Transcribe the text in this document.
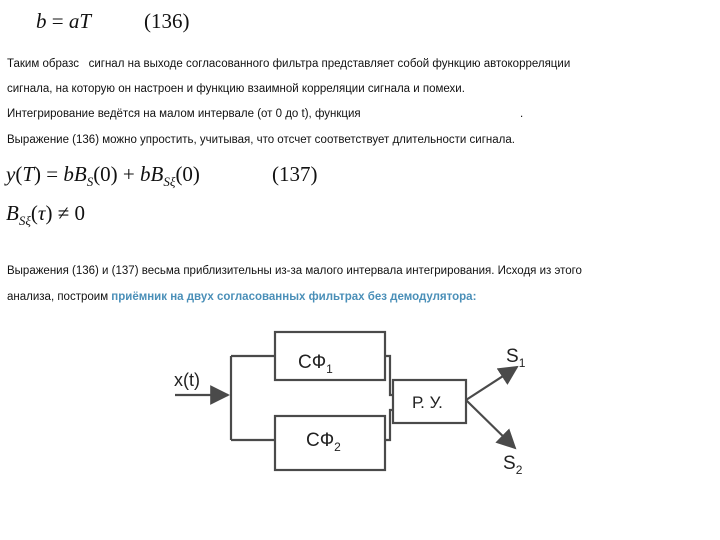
b = aT	(136)
Таким образс   сигнал на выходе согласованного фильтра представляет собой функцию автокорреляции
сигнала, на которую он настроен и функцию взаимной корреляции сигнала и помехи.
Интегрирование ведётся на малом интервале (от 0 до t), функция	.
Выражение (136) можно упростить, учитывая, что отсчет соответствует длительности сигнала.
$y(T) = bB_S(0) + bB_{S\xi}(0)$	(137)
$B_{S\xi}(\tau) \ne 0$
Выражения (136) и (137) весьма приблизительны из-за малого интервала интегрирования. Исходя из этого
анализа, построим приёмник на двух согласованных фильтрах без демодулятора:
x(t)
$СФ_1$
$СФ_2$
Р. У.
$S_1$
$S_2$
